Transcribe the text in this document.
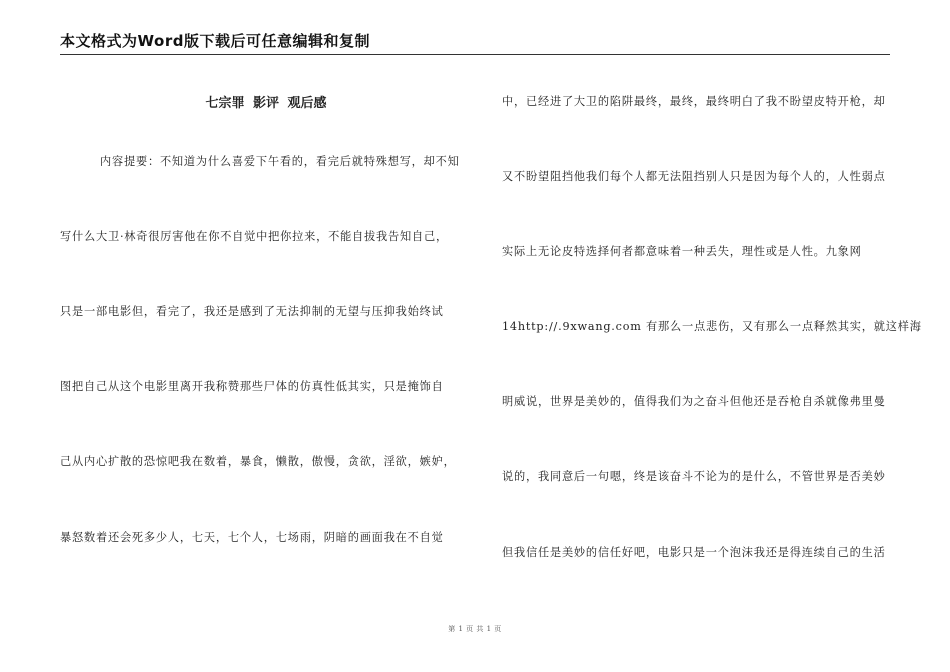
本文格式为Word版下载后可任意编辑和复制
七宗罪 影评 观后感
内容提要：不知道为什么喜爱下午看的，看完后就特殊想写，却不知
写什么大卫·林奇很厉害他在你不自觉中把你拉来，不能自拔我告知自己，
只是一部电影但，看完了，我还是感到了无法抑制的无望与压抑我始终试
图把自己从这个电影里离开我称赞那些尸体的仿真性低其实，只是掩饰自
己从内心扩散的恐惊吧我在数着，暴食，懒散，傲慢，贪欲，淫欲，嫉妒，
暴怒数着还会死多少人，七天，七个人，七场雨，阴暗的画面我在不自觉
中，已经进了大卫的陷阱最终，最终，最终明白了我不盼望皮特开枪，却
又不盼望阻挡他我们每个人都无法阻挡别人只是因为每个人的，人性弱点
实际上无论皮特选择何者都意味着一种丢失，理性或是人性。九象网
14http://.9xwang.com 有那么一点悲伤，又有那么一点释然其实，就这样海
明威说，世界是美妙的，值得我们为之奋斗但他还是吞枪自杀就像弗里曼
说的，我同意后一句嗯，终是该奋斗不论为的是什么，不管世界是否美妙
但我信任是美妙的信任好吧，电影只是一个泡沫我还是得连续自己的生活
第 1 页 共 1 页
